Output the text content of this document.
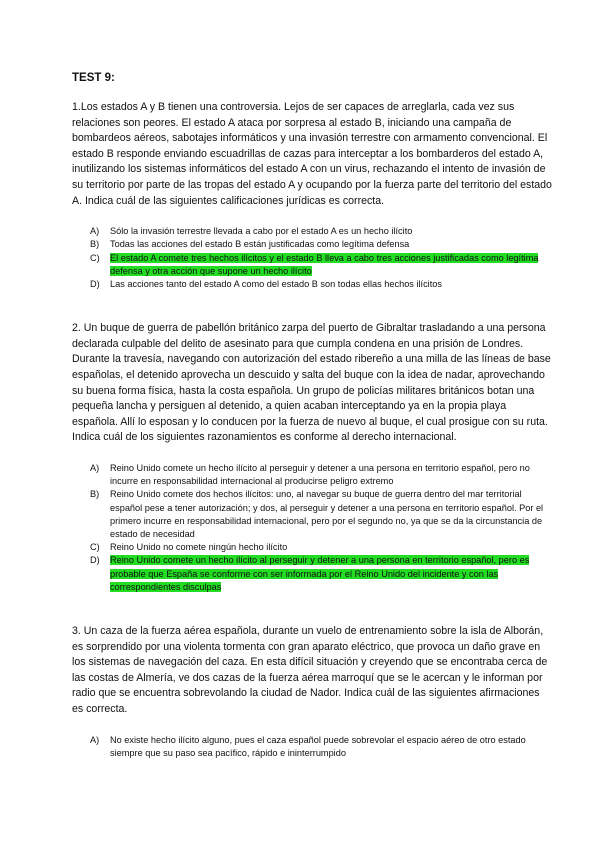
TEST 9:

1.Los estados A y B tienen una controversia. Lejos de ser capaces de arreglarla, cada vez sus relaciones son peores. El estado A ataca por sorpresa al estado B, iniciando una campaña de bombardeos aéreos, sabotajes informáticos y una invasión terrestre con armamento convencional. El estado B responde enviando escuadrillas de cazas para interceptar a los bombarderos del estado A, inutilizando los sistemas informáticos del estado A con un virus, rechazando el intento de invasión de su territorio por parte de las tropas del estado A y ocupando por la fuerza parte del territorio del estado A. Indica cuál de las siguientes calificaciones jurídicas es correcta.

A)	Sólo la invasión terrestre llevada a cabo por el estado A es un hecho ilícito
B)	Todas las acciones del estado B están justificadas como legítima defensa
C)	El estado A comete tres hechos ilícitos y el estado B lleva a cabo tres acciones justificadas como legítima defensa y otra acción que supone un hecho ilícito
D)	Las acciones tanto del estado A como del estado B son todas ellas hechos ilícitos

2. Un buque de guerra de pabellón británico zarpa del puerto de Gibraltar trasladando a una persona declarada culpable del delito de asesinato para que cumpla condena en una prisión de Londres. Durante la travesía, navegando con autorización del estado ribereño a una milla de las líneas de base españolas, el detenido aprovecha un descuido y salta del buque con la idea de nadar, aprovechando su buena forma física, hasta la costa española. Un grupo de policías militares británicos botan una pequeña lancha y persiguen al detenido, a quien acaban interceptando ya en la propia playa española. Allí lo esposan y lo conducen por la fuerza de nuevo al buque, el cual prosigue con su ruta. Indica cuál de los siguientes razonamientos es conforme al derecho internacional.

A)	Reino Unido comete un hecho ilícito al perseguir y detener a una persona en territorio español, pero no incurre en responsabilidad internacional al producirse peligro extremo
B)	Reino Unido comete dos hechos ilícitos: uno, al navegar su buque de guerra dentro del mar territorial español pese a tener autorización; y dos, al perseguir y detener a una persona en territorio español. Por el primero incurre en responsabilidad internacional, pero por el segundo no, ya que se da la circunstancia de estado de necesidad
C)	Reino Unido no comete ningún hecho ilícito
D)	Reino Unido comete un hecho ilícito al perseguir y detener a una persona en territorio español, pero es probable que España se conforme con ser informada por el Reino Unido del incidente y con las correspondientes disculpas

3. Un caza de la fuerza aérea española, durante un vuelo de entrenamiento sobre la isla de Alborán, es sorprendido por una violenta tormenta con gran aparato eléctrico, que provoca un daño grave en los sistemas de navegación del caza. En esta difícil situación y creyendo que se encontraba cerca de las costas de Almería, ve dos cazas de la fuerza aérea marroquí que se le acercan y le informan por radio que se encuentra sobrevolando la ciudad de Nador. Indica cuál de las siguientes afirmaciones es correcta.

A)	No existe hecho ilícito alguno, pues el caza español puede sobrevolar el espacio aéreo de otro estado siempre que su paso sea pacífico, rápido e ininterrumpido
